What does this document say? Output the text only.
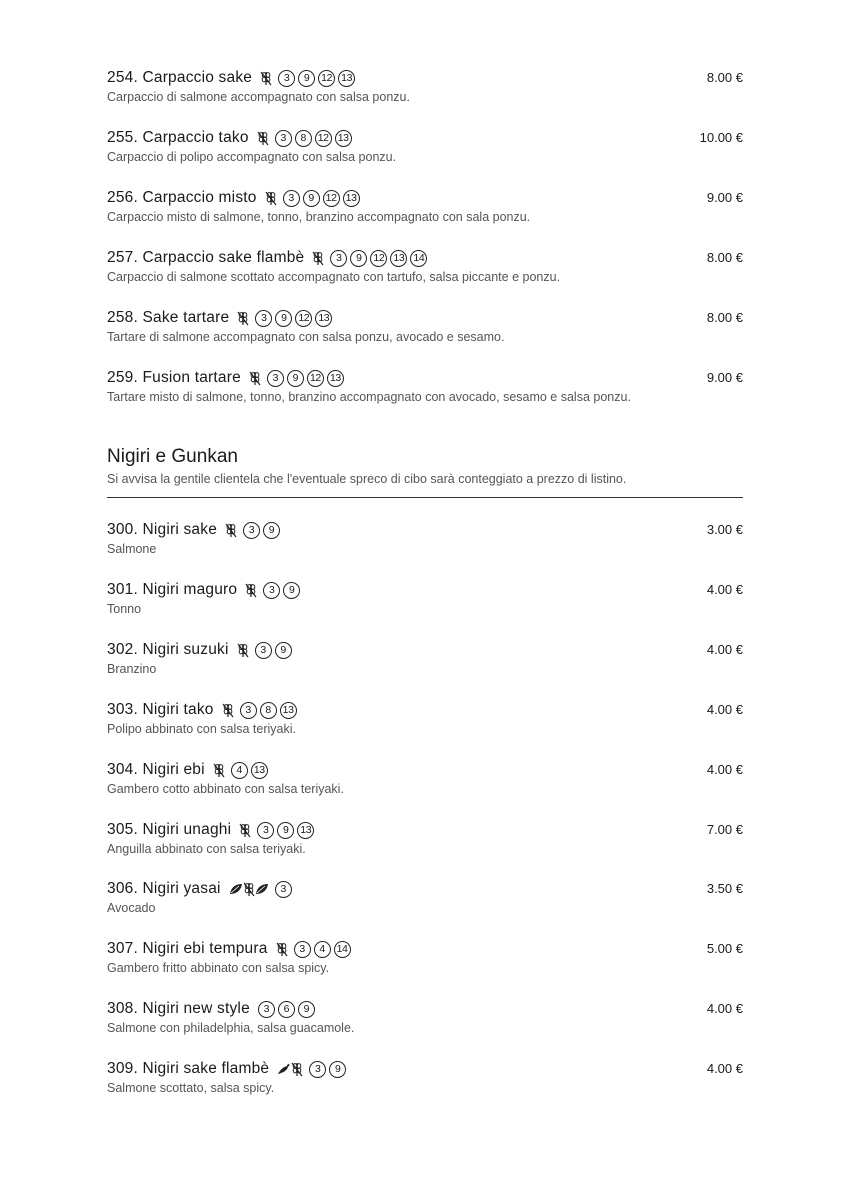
254. Carpaccio sake	3	9	12 13
Carpaccio di salmone accompagnato con salsa ponzu.
8.00 €
255. Carpaccio tako	3	8	12 13
Carpaccio di polipo accompagnato con salsa ponzu.
10.00 €
256. Carpaccio misto	3	9	12 13
Carpaccio misto di salmone, tonno, branzino accompagnato con sala ponzu.
9.00 €
257. Carpaccio sake flambè	3	9	12 13 14
Carpaccio di salmone scottato accompagnato con tartufo, salsa piccante e ponzu.
8.00 €
258. Sake tartare	3	9	12 13
Tartare di salmone accompagnato con salsa ponzu, avocado e sesamo.
8.00 €
259. Fusion tartare	3	9	12 13
Tartare misto di salmone, tonno, branzino accompagnato con avocado, sesamo e salsa ponzu.
9.00 €
Nigiri e Gunkan
Si avvisa la gentile clientela che l'eventuale spreco di cibo sarà conteggiato a prezzo di listino.
300. Nigiri sake	3	9
Salmone
3.00 €
301. Nigiri maguro	3	9
Tonno
4.00 €
302. Nigiri suzuki	3	9
Branzino
4.00 €
303. Nigiri tako	3	8	13
Polipo abbinato con salsa teriyaki.
4.00 €
304. Nigiri ebi	4	13
Gambero cotto abbinato con salsa teriyaki.
4.00 €
305. Nigiri unaghi	3	9	13
Anguilla abbinato con salsa teriyaki.
7.00 €
306. Nigiri yasai	3
Avocado
3.50 €
307. Nigiri ebi tempura	3	4	14
Gambero fritto abbinato con salsa spicy.
5.00 €
308. Nigiri new style	3	6	9
Salmone con philadelphia, salsa guacamole.
4.00 €
309. Nigiri sake flambè	3	9
Salmone scottato, salsa spicy.
4.00 €
